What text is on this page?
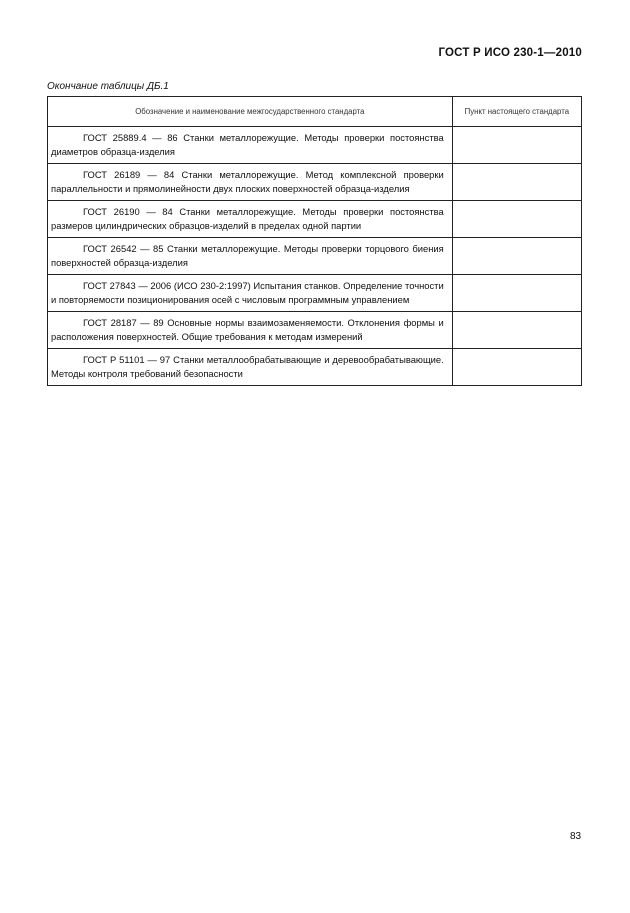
ГОСТ Р ИСО 230-1—2010
Окончание таблицы ДБ.1
Обозначение и наименование межгосударственного стандарта	Пункт настоящего стандарта
ГОСТ 25889.4 — 86 Станки металлорежущие. Методы проверки постоянства диаметров образца-изделия	
ГОСТ 26189 — 84 Станки металлорежущие. Метод комплексной проверки параллельности и прямолинейности двух плоских поверхностей образца-изделия	
ГОСТ 26190 — 84 Станки металлорежущие. Методы проверки постоянства размеров цилиндрических образцов-изделий в пределах одной партии	
ГОСТ 26542 — 85 Станки металлорежущие. Методы проверки торцового биения поверхностей образца-изделия	
ГОСТ 27843 — 2006 (ИСО 230-2:1997) Испытания станков. Определение точности и повторяемости позиционирования осей с числовым программным управлением	
ГОСТ 28187 — 89 Основные нормы взаимозаменяемости. Отклонения формы и расположения поверхностей. Общие требования к методам измерений	
ГОСТ Р 51101 — 97 Станки металлообрабатывающие и деревообрабатывающие. Методы контроля требований безопасности	
83
